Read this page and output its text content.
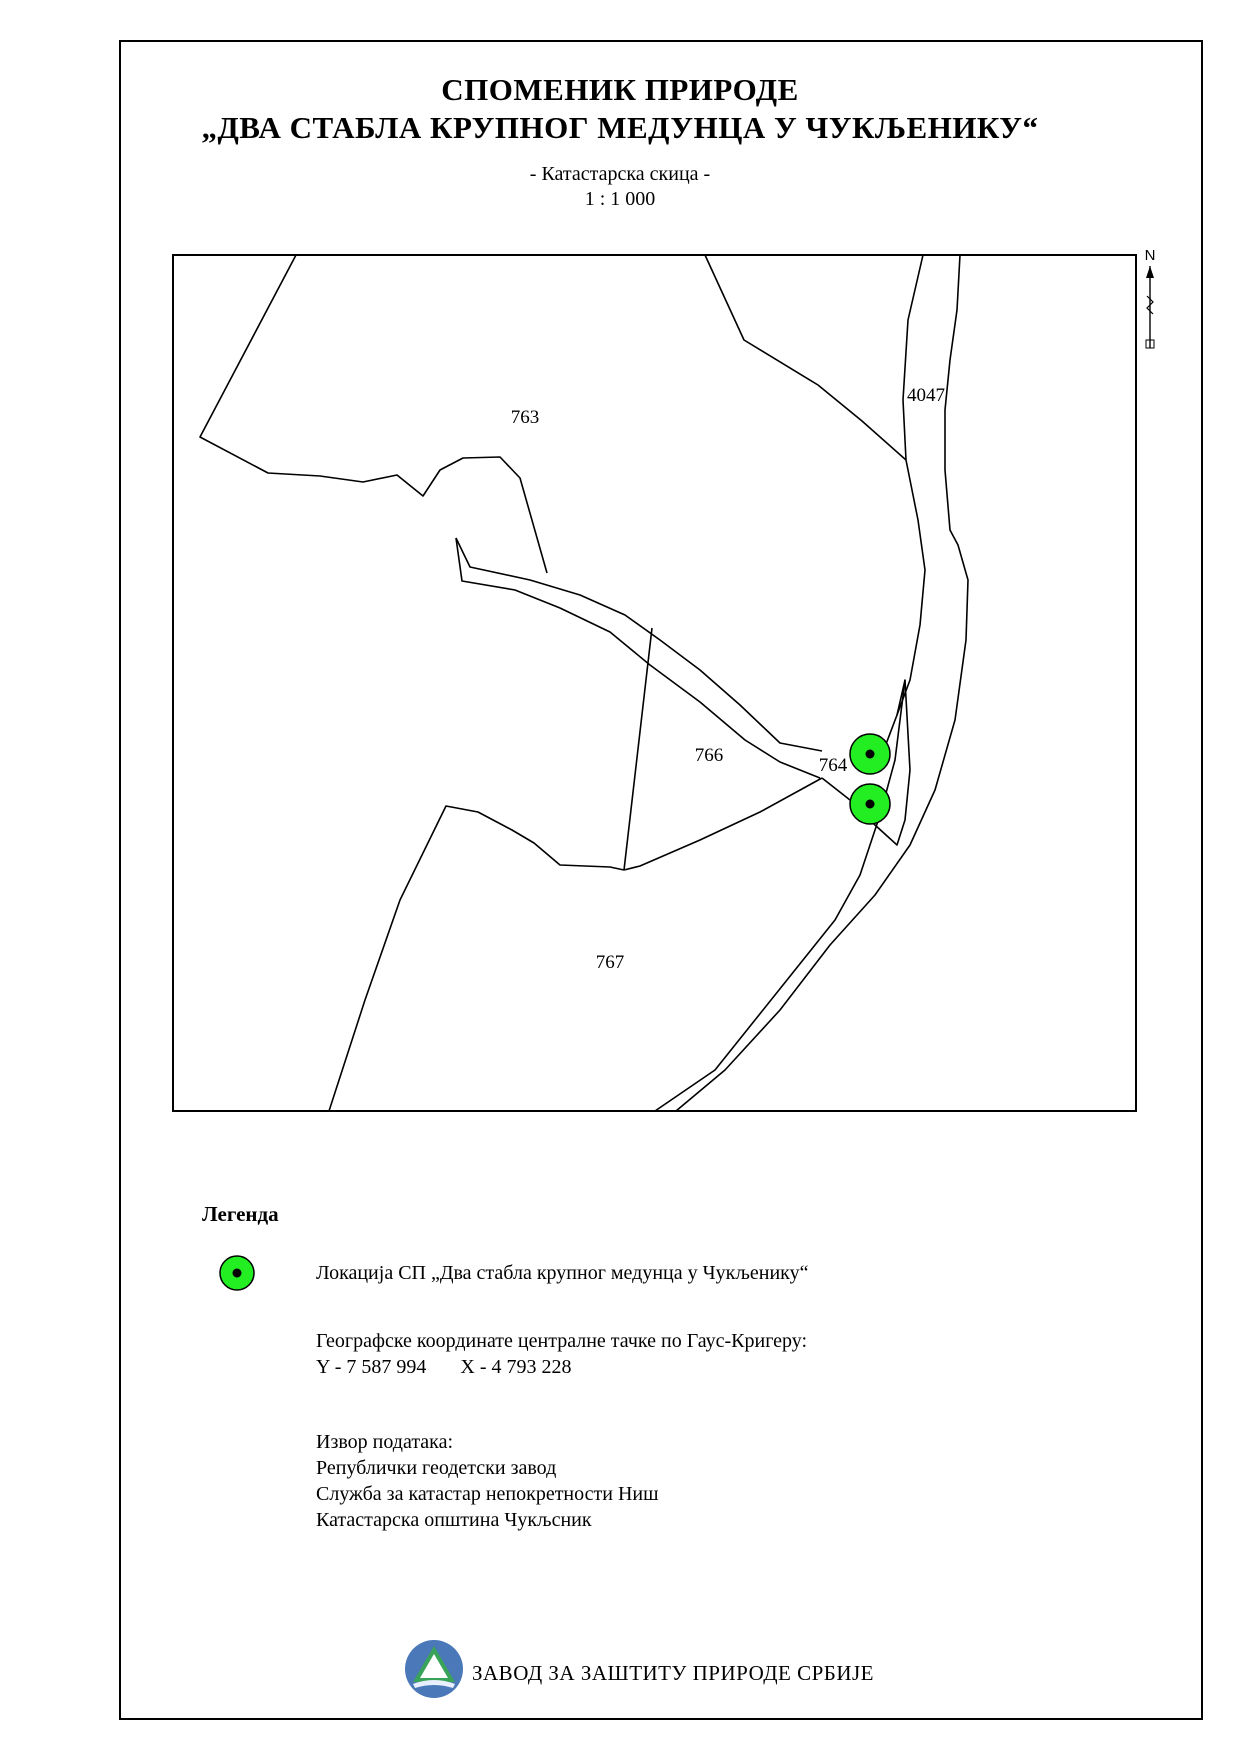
СПОМЕНИК ПРИРОДЕ
„ДВА СТАБЛА КРУПНОГ МЕДУНЦА У ЧУКЉЕНИКУ“
- Катастарска скица -
1 : 1 000
763
4047
766	764
767
N
Легенда
Локација СП „Два стабла крупног медунца у Чукљенику“
Географске координате централне тачке по Гаус-Кригеру:
Y - 7 587 994 X - 4 793 228
Извор података:
Републички геодетски завод
Служба за катастар непокретности Ниш
Катастарска општина Чукљсник
ЗАВОД ЗА ЗАШТИТУ ПРИРОДЕ СРБИЈЕ
